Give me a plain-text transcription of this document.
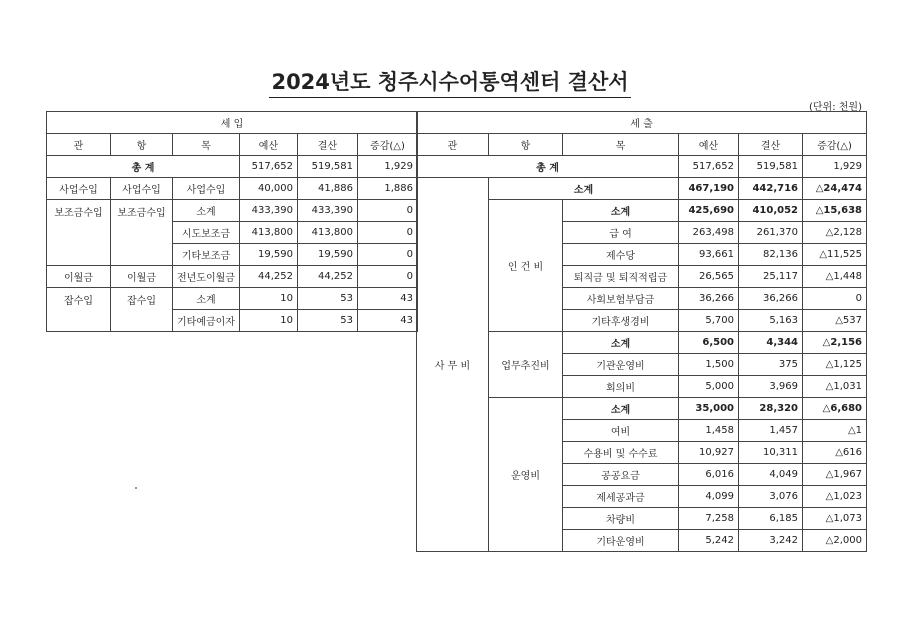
2024년도 청주시수어통역센터 결산서
(단위: 천원)
세 입					
관	항	목	예산	결산	증감(△)
총 계			517,652	519,581	1,929
사업수입	사업수입	사업수입	40,000	41,886	1,886
보조금수입	보조금수입	소계	433,390	433,390	0
		시도보조금	413,800	413,800	0
		기타보조금	19,590	19,590	0
이월금	이월금	전년도이월금	44,252	44,252	0
잡수입	잡수입	소계	10	53	43
		기타예금이자	10	53	43
세 출					
관	항	목	예산	결산	증감(△)
총 계			517,652	519,581	1,929
사 무 비	소계		467,190	442,716	△24,474
	인 건 비	소계	425,690	410,052	△15,638
		급 여	263,498	261,370	△2,128
		제수당	93,661	82,136	△11,525
		퇴직금 및 퇴직적립금	26,565	25,117	△1,448
		사회보험부담금	36,266	36,266	0
		기타후생경비	5,700	5,163	△537
	업무추진비	소계	6,500	4,344	△2,156
		기관운영비	1,500	375	△1,125
		회의비	5,000	3,969	△1,031
	운영비	소계	35,000	28,320	△6,680
		여비	1,458	1,457	△1
		수용비 및 수수료	10,927	10,311	△616
		공공요금	6,016	4,049	△1,967
		제세공과금	4,099	3,076	△1,023
		차량비	7,258	6,185	△1,073
		기타운영비	5,242	3,242	△2,000
